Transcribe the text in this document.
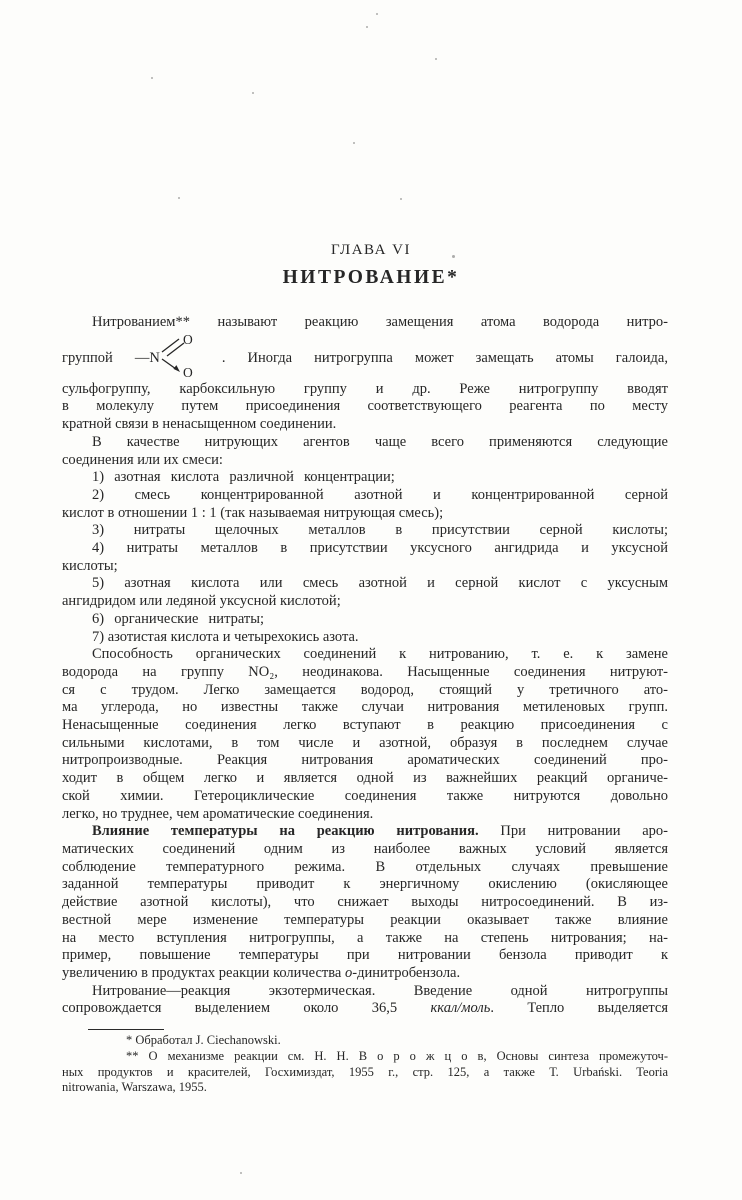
ГЛАВА VI
НИТРОВАНИЕ*
Нитрованием** называют реакцию замещения атома водорода нитро-
группой —N
O
O
. Иногда нитрогруппа может замещать атомы галоида,
сульфогруппу, карбоксильную группу и др. Реже нитрогруппу вводят
в молекулу путем присоединения соответствующего реагента по месту
кратной связи в ненасыщенном соединении.
В качестве нитрующих агентов чаще всего применяются следующие
соединения или их смеси:
1) азотная кислота различной концентрации;
2) смесь концентрированной азотной и концентрированной серной
кислот в отношении 1 : 1 (так называемая нитрующая смесь);
3) нитраты щелочных металлов в присутствии серной кислоты;
4) нитраты металлов в присутствии уксусного ангидрида и уксусной
кислоты;
5) азотная кислота или смесь азотной и серной кислот с уксусным
ангидридом или ледяной уксусной кислотой;
6) органические нитраты;
7) азотистая кислота и четырехокись азота.
Способность органических соединений к нитрованию, т. е. к замене
водорода на группу NO₂, неодинакова. Насыщенные соединения нитруют-
ся с трудом. Легко замещается водород, стоящий у третичного ато-
ма углерода, но известны также случаи нитрования метиленовых групп.
Ненасыщенные соединения легко вступают в реакцию присоединения с
сильными кислотами, в том числе и азотной, образуя в последнем случае
нитропроизводные. Реакция нитрования ароматических соединений про-
ходит в общем легко и является одной из важнейших реакций органиче-
ской химии. Гетероциклические соединения также нитруются довольно
легко, но труднее, чем ароматические соединения.
Влияние температуры на реакцию нитрования. При нитровании аро-
матических соединений одним из наиболее важных условий является
соблюдение температурного режима. В отдельных случаях превышение
заданной температуры приводит к энергичному окислению (окисляющее
действие азотной кислоты), что снижает выходы нитросоединений. В из-
вестной мере изменение температуры реакции оказывает также влияние
на место вступления нитрогруппы, а также на степень нитрования; на-
пример, повышение температуры при нитровании бензола приводит к
увеличению в продуктах реакции количества о-динитробензола.
Нитрование—реакция экзотермическая. Введение одной нитрогруппы
сопровождается выделением около 36,5 ккал/моль. Тепло выделяется
* Обработал J. Ciechanowski.
** О механизме реакции см. Н. Н. В о р о ж ц о в, Основы синтеза промежуточ-
ных продуктов и красителей, Госхимиздат, 1955 г., стр. 125, а также Т. Urbański. Teoria
nitrowania, Warszawa, 1955.
